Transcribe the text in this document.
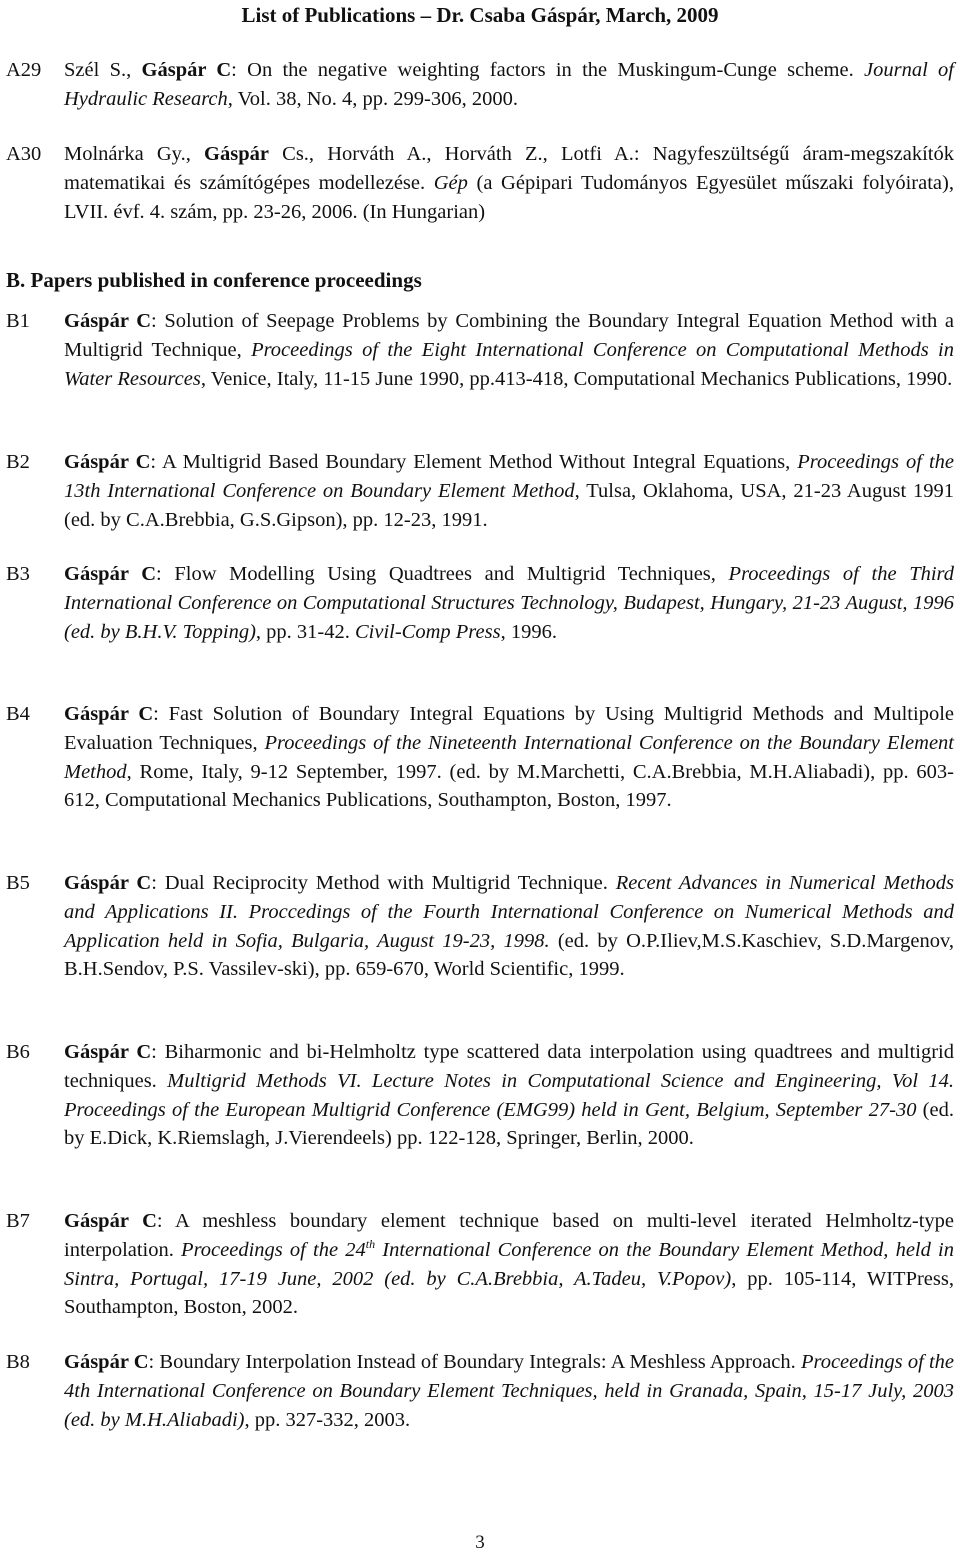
List of Publications – Dr. Csaba Gáspár, March, 2009
A29 Szél S., Gáspár C: On the negative weighting factors in the Muskingum-Cunge scheme. Journal of Hydraulic Research, Vol. 38, No. 4, pp. 299-306, 2000.
A30 Molnárka Gy., Gáspár Cs., Horváth A., Horváth Z., Lotfi A.: Nagyfeszültségű áram-megszakítók matematikai és számítógépes modellezése. Gép (a Gépipari Tudományos Egyesület műszaki folyóirata), LVII. évf. 4. szám, pp. 23-26, 2006. (In Hungarian)
B. Papers published in conference proceedings
B1 Gáspár C: Solution of Seepage Problems by Combining the Boundary Integral Equation Method with a Multigrid Technique, Proceedings of the Eight International Conference on Computational Methods in Water Resources, Venice, Italy, 11-15 June 1990, pp.413-418, Computational Mechanics Publications, 1990.
B2 Gáspár C: A Multigrid Based Boundary Element Method Without Integral Equations, Proceedings of the 13th International Conference on Boundary Element Method, Tulsa, Oklahoma, USA, 21-23 August 1991 (ed. by C.A.Brebbia, G.S.Gipson), pp. 12-23, 1991.
B3 Gáspár C: Flow Modelling Using Quadtrees and Multigrid Techniques, Proceedings of the Third International Conference on Computational Structures Technology, Budapest, Hungary, 21-23 August, 1996 (ed. by B.H.V. Topping), pp. 31-42. Civil-Comp Press, 1996.
B4 Gáspár C: Fast Solution of Boundary Integral Equations by Using Multigrid Methods and Multipole Evaluation Techniques, Proceedings of the Nineteenth International Conference on the Boundary Element Method, Rome, Italy, 9-12 September, 1997. (ed. by M.Marchetti, C.A.Brebbia, M.H.Aliabadi), pp. 603-612, Computational Mechanics Publications, Southampton, Boston, 1997.
B5 Gáspár C: Dual Reciprocity Method with Multigrid Technique. Recent Advances in Numerical Methods and Applications II. Proccedings of the Fourth International Conference on Numerical Methods and Application held in Sofia, Bulgaria, August 19-23, 1998. (ed. by O.P.Iliev,M.S.Kaschiev, S.D.Margenov, B.H.Sendov, P.S. Vassilev-ski), pp. 659-670, World Scientific, 1999.
B6 Gáspár C: Biharmonic and bi-Helmholtz type scattered data interpolation using quadtrees and multigrid techniques. Multigrid Methods VI. Lecture Notes in Computational Science and Engineering, Vol 14. Proceedings of the European Multigrid Conference (EMG99) held in Gent, Belgium, September 27-30 (ed. by E.Dick, K.Riemslagh, J.Vierendeels) pp. 122-128, Springer, Berlin, 2000.
B7 Gáspár C: A meshless boundary element technique based on multi-level iterated Helmholtz-type interpolation. Proceedings of the 24th International Conference on the Boundary Element Method, held in Sintra, Portugal, 17-19 June, 2002 (ed. by C.A.Brebbia, A.Tadeu, V.Popov), pp. 105-114, WITPress, Southampton, Boston, 2002.
B8 Gáspár C: Boundary Interpolation Instead of Boundary Integrals: A Meshless Approach. Proceedings of the 4th International Conference on Boundary Element Techniques, held in Granada, Spain, 15-17 July, 2003 (ed. by M.H.Aliabadi), pp. 327-332, 2003.
3
